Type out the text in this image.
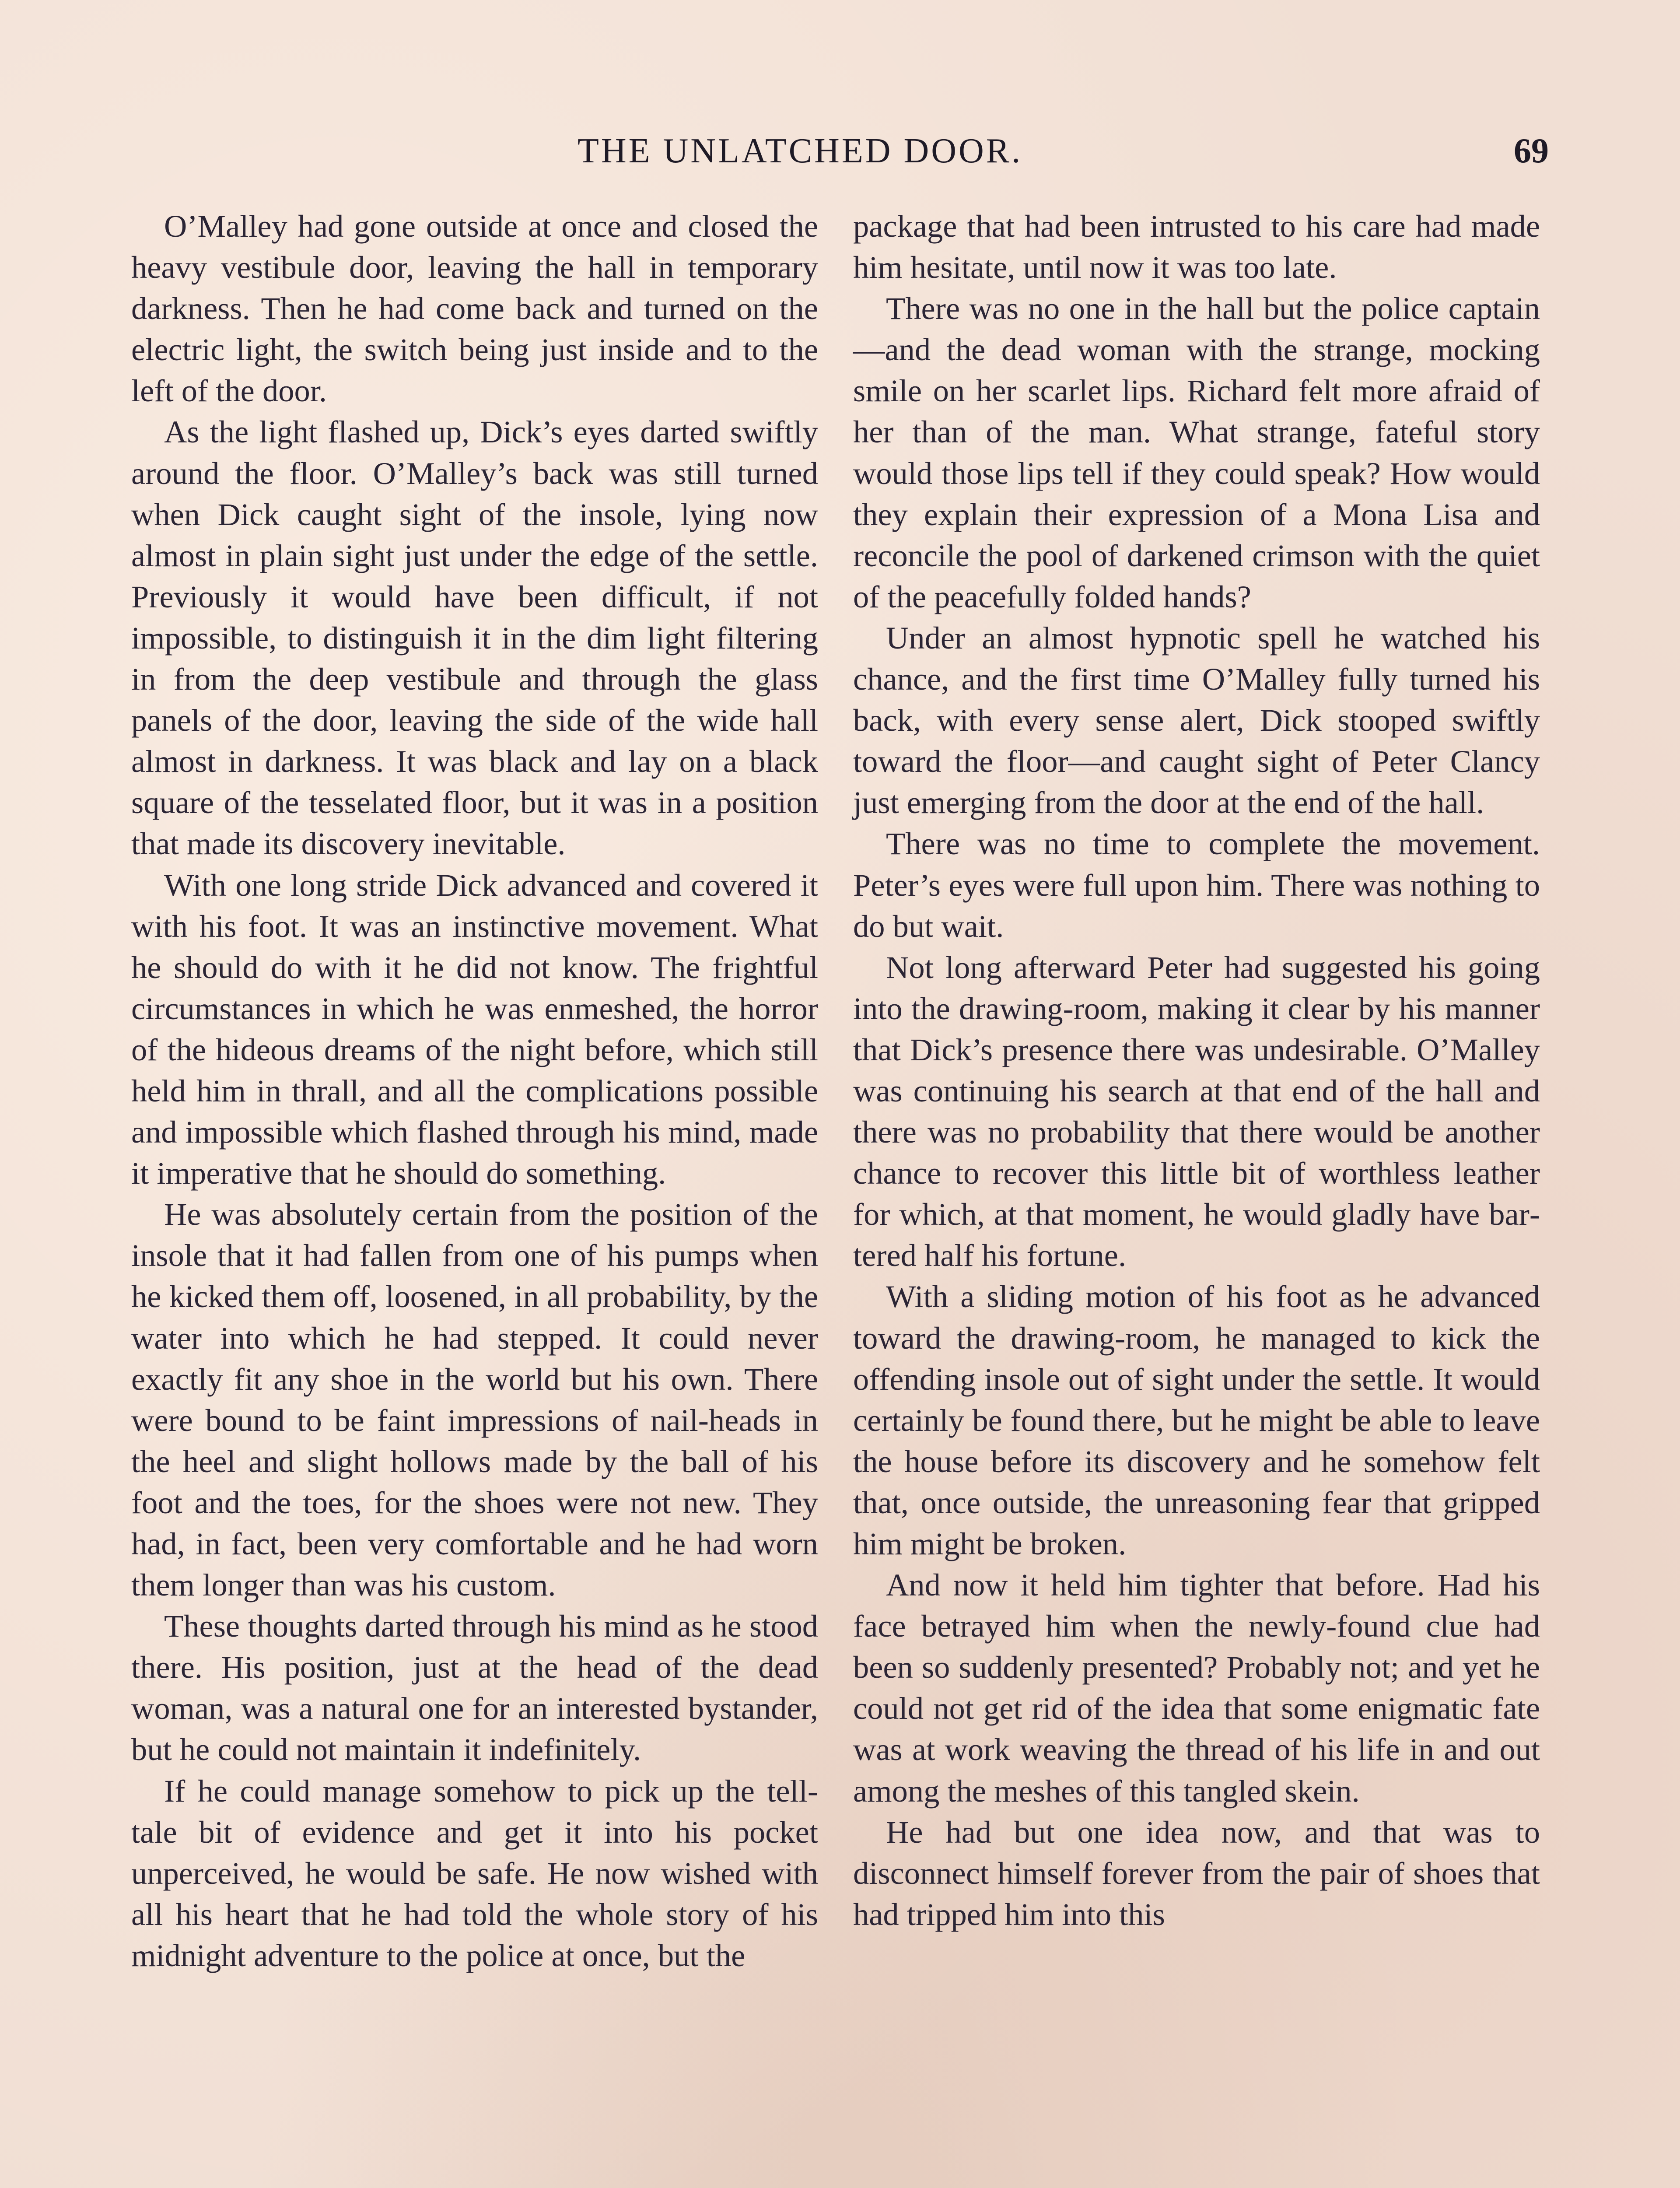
THE UNLATCHED DOOR.	69

O’Malley had gone outside at once and closed the heavy vestibule door, leaving the hall in temporary darkness. Then he had come back and turned on the electric light, the switch being just inside and to the left of the door.

As the light flashed up, Dick’s eyes darted swiftly around the floor. O’Malley’s back was still turned when Dick caught sight of the insole, lying now almost in plain sight just under the edge of the settle. Previously it would have been difficult, if not impossible, to distinguish it in the dim light filtering in from the deep vestibule and through the glass panels of the door, leaving the side of the wide hall almost in darkness. It was black and lay on a black square of the tesselated floor, but it was in a position that made its discovery inevitable.

With one long stride Dick advanced and covered it with his foot. It was an instinctive movement. What he should do with it he did not know. The frightful circumstances in which he was enmeshed, the horror of the hideous dreams of the night before, which still held him in thrall, and all the complications possible and impossible which flashed through his mind, made it imperative that he should do something.

He was absolutely certain from the position of the insole that it had fallen from one of his pumps when he kicked them off, loosened, in all probability, by the water into which he had stepped. It could never exactly fit any shoe in the world but his own. There were bound to be faint impressions of nail-heads in the heel and slight hollows made by the ball of his foot and the toes, for the shoes were not new. They had, in fact, been very comfortable and he had worn them longer than was his custom.

These thoughts darted through his mind as he stood there. His position, just at the head of the dead woman, was a natural one for an interested bystander, but he could not maintain it indefinitely.

If he could manage somehow to pick up the tell-tale bit of evidence and get it into his pocket unperceived, he would be safe. He now wished with all his heart that he had told the whole story of his midnight adventure to the police at once, but the

package that had been intrusted to his care had made him hesitate, until now it was too late.

There was no one in the hall but the police captain—and the dead woman with the strange, mocking smile on her scarlet lips. Richard felt more afraid of her than of the man. What strange, fateful story would those lips tell if they could speak? How would they explain their expression of a Mona Lisa and reconcile the pool of darkened crimson with the quiet of the peacefully folded hands?

Under an almost hypnotic spell he watched his chance, and the first time O’Malley fully turned his back, with every sense alert, Dick stooped swiftly toward the floor—and caught sight of Peter Clancy just emerging from the door at the end of the hall.

There was no time to complete the movement. Peter’s eyes were full upon him. There was nothing to do but wait.

Not long afterward Peter had suggested his going into the drawing-room, making it clear by his manner that Dick’s presence there was undesirable. O’Malley was continuing his search at that end of the hall and there was no probability that there would be another chance to recover this little bit of worthless leather for which, at that moment, he would gladly have bartered half his fortune.

With a sliding motion of his foot as he advanced toward the drawing-room, he managed to kick the offending insole out of sight under the settle. It would certainly be found there, but he might be able to leave the house before its discovery and he somehow felt that, once outside, the unreasoning fear that gripped him might be broken.

And now it held him tighter that before. Had his face betrayed him when the newly-found clue had been so suddenly presented? Probably not; and yet he could not get rid of the idea that some enigmatic fate was at work weaving the thread of his life in and out among the meshes of this tangled skein.

He had but one idea now, and that was to disconnect himself forever from the pair of shoes that had tripped him into this
